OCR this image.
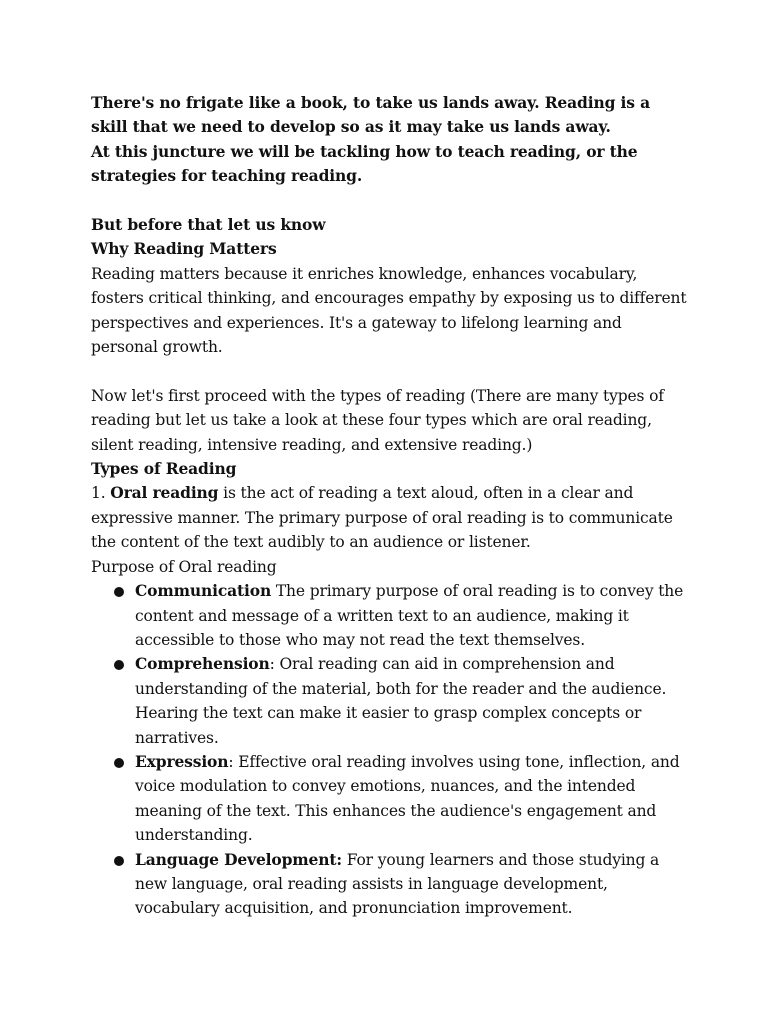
There's no frigate like a book, to take us lands away. Reading is a skill that we need to develop so as it may take us lands away.

At this juncture we will be tackling how to teach reading, or the strategies for teaching reading.

But before that let us know

Why Reading Matters

Reading matters because it enriches knowledge, enhances vocabulary, fosters critical thinking, and encourages empathy by exposing us to different perspectives and experiences. It's a gateway to lifelong learning and personal growth.

Now let's first proceed with the types of reading (There are many types of reading but let us take a look at these four types which are oral reading, silent reading, intensive reading, and extensive reading.)

Types of Reading

1. Oral reading is the act of reading a text aloud, often in a clear and expressive manner. The primary purpose of oral reading is to communicate the content of the text audibly to an audience or listener.

Purpose of Oral reading

Communication The primary purpose of oral reading is to convey the content and message of a written text to an audience, making it accessible to those who may not read the text themselves.
Comprehension: Oral reading can aid in comprehension and understanding of the material, both for the reader and the audience. Hearing the text can make it easier to grasp complex concepts or narratives.
Expression: Effective oral reading involves using tone, inflection, and voice modulation to convey emotions, nuances, and the intended meaning of the text. This enhances the audience's engagement and understanding.
Language Development: For young learners and those studying a new language, oral reading assists in language development, vocabulary acquisition, and pronunciation improvement.
